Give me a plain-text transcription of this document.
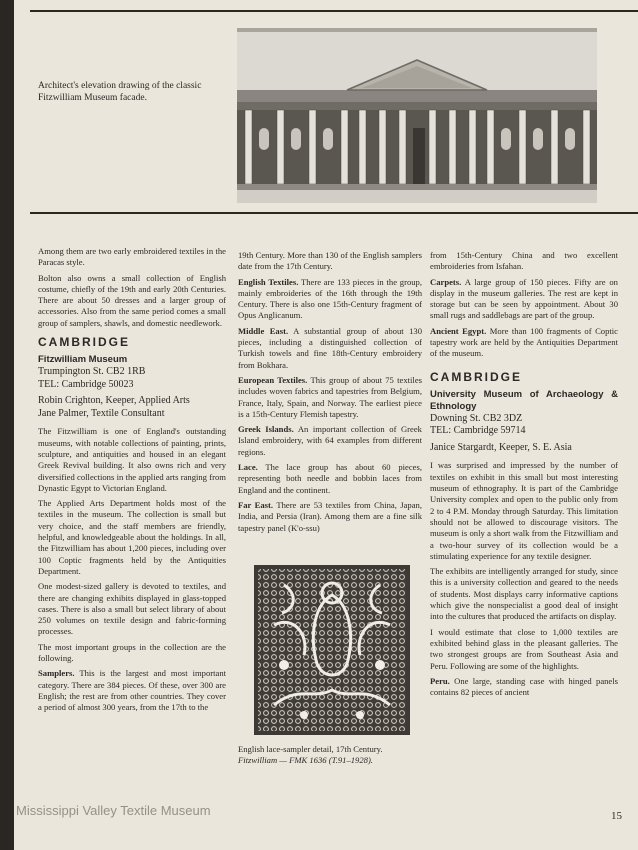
Architect's elevation drawing of the classic Fitzwilliam Museum facade.

Among them are two early embroidered textiles in the Paracas style.

Bolton also owns a small collection of English costume, chiefly of the 19th and early 20th Centuries. There are about 50 dresses and a larger group of accessories. Also from the same period comes a small group of samplers, shawls, and domestic needlework.

CAMBRIDGE
Fitzwilliam Museum
Trumpington St. CB2 1RB
TEL: Cambridge 50023
Robin Crighton, Keeper, Applied Arts
Jane Palmer, Textile Consultant

The Fitzwilliam is one of England's outstanding museums, with notable collections of painting, prints, sculpture, and antiquities and housed in an elegant Greek Revival building. It also owns rich and very diversified collections in the applied arts ranging from Dynastic Egypt to Victorian England.

The Applied Arts Department holds most of the textiles in the museum. The collection is small but very choice, and the staff members are friendly, helpful, and knowledgeable about the holdings. In all, the Fitzwilliam has about 1,200 pieces, including over 100 Coptic fragments held by the Antiquities Department.

One modest-sized gallery is devoted to textiles, and there are changing exhibits displayed in glass-topped cases. There is also a small but select library of about 250 volumes on textile design and fabric-forming processes.

The most important groups in the collection are the following.

Samplers. This is the largest and most important category. There are 384 pieces. Of these, over 300 are English; the rest are from other countries. They cover a period of almost 300 years, from the 17th to the

19th Century. More than 130 of the English samplers date from the 17th Century.

English Textiles. There are 133 pieces in the group, mainly embroideries of the 16th through the 19th Century. There is also one 15th-Century fragment of Opus Anglicanum.

Middle East. A substantial group of about 130 pieces, including a distinguished collection of Turkish towels and fine 18th-Century embroidery from Bokhara.

European Textiles. This group of about 75 textiles includes woven fabrics and tapestries from Belgium, France, Italy, Spain, and Norway. The earliest piece is a 15th-Century Flemish tapestry.

Greek Islands. An important collection of Greek Island embroidery, with 64 examples from different regions.

Lace. The lace group has about 60 pieces, representing both needle and bobbin laces from England and the continent.

Far East. There are 53 textiles from China, Japan, India, and Persia (Iran). Among them are a fine silk tapestry panel (K'o-ssu)

English lace-sampler detail, 17th Century.
Fitzwilliam — FMK 1636 (T.91–1928).

from 15th-Century China and two excellent embroideries from Isfahan.

Carpets. A large group of 150 pieces. Fifty are on display in the museum galleries. The rest are kept in storage but can be seen by appointment. About 30 small rugs and saddlebags are part of the group.

Ancient Egypt. More than 100 fragments of Coptic tapestry work are held by the Antiquities Department of the museum.

CAMBRIDGE
University Museum of Archaeology & Ethnology
Downing St. CB2 3DZ
TEL: Cambridge 59714
Janice Stargardt, Keeper, S. E. Asia

I was surprised and impressed by the number of textiles on exhibit in this small but most interesting museum of ethnography. It is part of the Cambridge University complex and open to the public only from 2 to 4 P.M. Monday through Saturday. This limitation should not be allowed to discourage visitors. The museum is only a short walk from the Fitzwilliam and a two-hour survey of its collection would be a stimulating experience for any textile designer.

The exhibits are intelligently arranged for study, since this is a university collection and geared to the needs of students. Most displays carry informative captions which give the nonspecialist a good deal of insight into the cultures that produced the artifacts on display.

I would estimate that close to 1,000 textiles are exhibited behind glass in the pleasant galleries. The two strongest groups are from Southeast Asia and Peru. Following are some of the highlights.

Peru. One large, standing case with hinged panels contains 82 pieces of ancient

15
Mississippi Valley Textile Museum
